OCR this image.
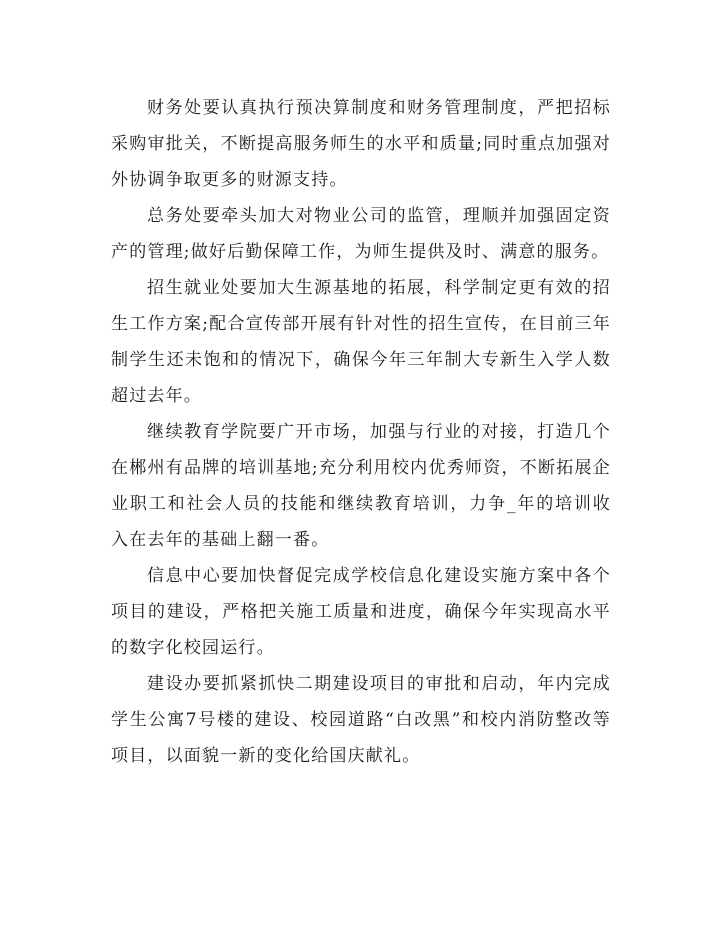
财务处要认真执行预决算制度和财务管理制度，严把招标采购审批关，不断提高服务师生的水平和质量;同时重点加强对外协调争取更多的财源支持。

总务处要牵头加大对物业公司的监管，理顺并加强固定资产的管理;做好后勤保障工作，为师生提供及时、满意的服务。

招生就业处要加大生源基地的拓展，科学制定更有效的招生工作方案;配合宣传部开展有针对性的招生宣传，在目前三年制学生还未饱和的情况下，确保今年三年制大专新生入学人数超过去年。

继续教育学院要广开市场，加强与行业的对接，打造几个在郴州有品牌的培训基地;充分利用校内优秀师资，不断拓展企业职工和社会人员的技能和继续教育培训，力争_年的培训收入在去年的基础上翻一番。

信息中心要加快督促完成学校信息化建设实施方案中各个项目的建设，严格把关施工质量和进度，确保今年实现高水平的数字化校园运行。

建设办要抓紧抓快二期建设项目的审批和启动，年内完成学生公寓7号楼的建设、校园道路“白改黑”和校内消防整改等项目，以面貌一新的变化给国庆献礼。
